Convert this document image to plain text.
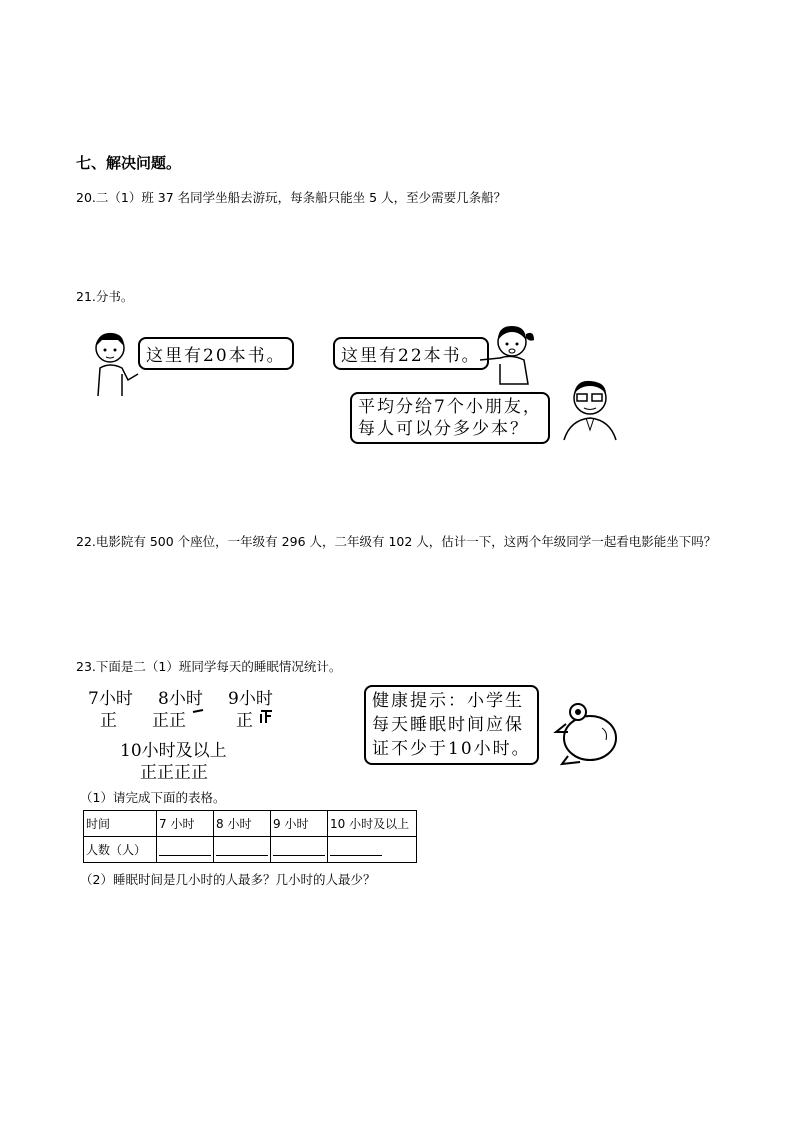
七、解决问题。
20.二（1）班 37 名同学坐船去游玩，每条船只能坐 5 人，至少需要几条船？
21.分书。
这里有20本书。	这里有22本书。
平均分给7个小朋友，
每人可以分多少本？
22.电影院有 500 个座位，一年级有 296 人，二年级有 102 人，估计一下，这两个年级同学一起看电影能坐下吗？
23.下面是二（1）班同学每天的睡眠情况统计。
7小时
正
8小时
正正
9小时
正
10小时及以上
正正正正
健康提示：小学生
每天睡眠时间应保
证不少于10小时。
（1）请完成下面的表格。
时间	7 小时	8 小时	9 小时	10 小时及以上
人数（人）				
（2）睡眠时间是几小时的人最多？几小时的人最少？
